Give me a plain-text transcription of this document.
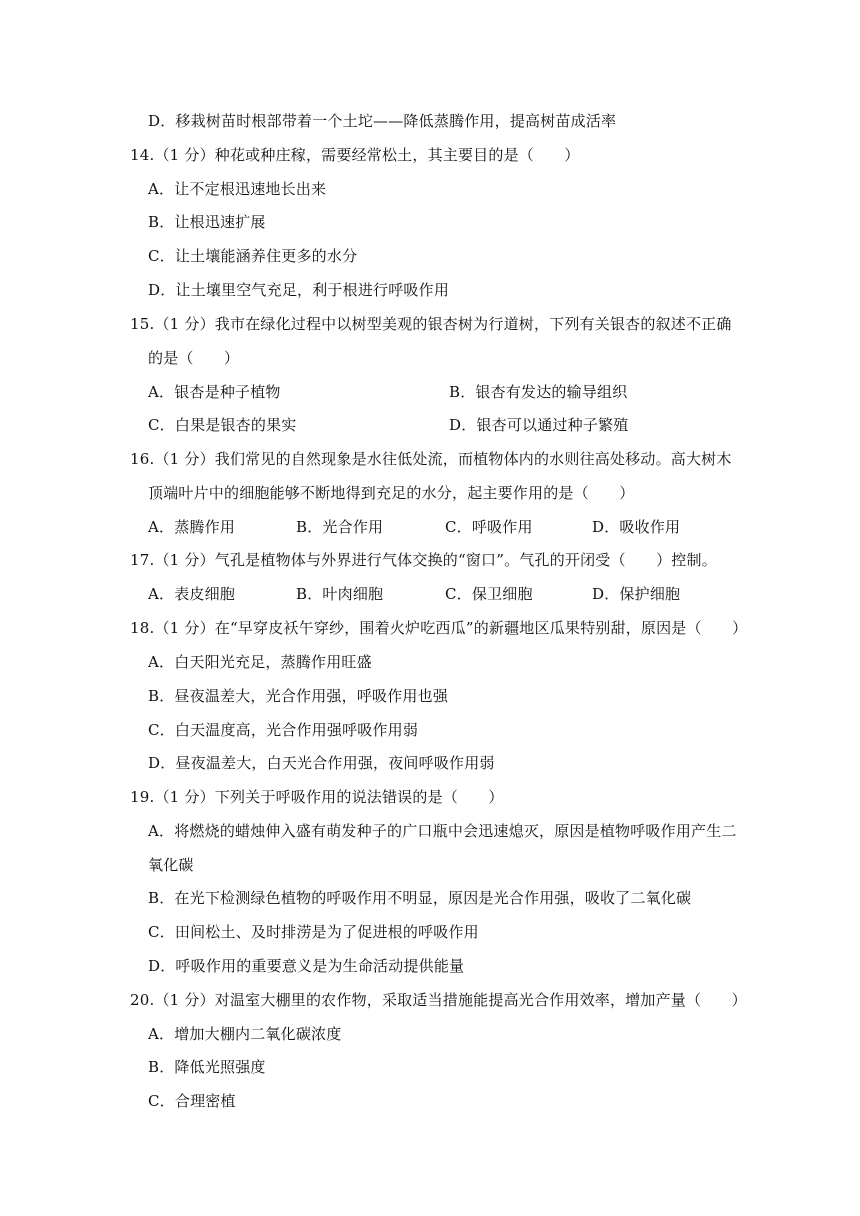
D．移栽树苗时根部带着一个土坨——降低蒸腾作用，提高树苗成活率
14.（1 分）种花或种庄稼，需要经常松土，其主要目的是（　　）
A．让不定根迅速地长出来
B．让根迅速扩展
C．让土壤能涵养住更多的水分
D．让土壤里空气充足，利于根进行呼吸作用
15.（1 分）我市在绿化过程中以树型美观的银杏树为行道树，下列有关银杏的叙述不正确
的是（　　）
A．银杏是种子植物	B．银杏有发达的输导组织
C．白果是银杏的果实	D．银杏可以通过种子繁殖
16.（1 分）我们常见的自然现象是水往低处流，而植物体内的水则往高处移动。高大树木
顶端叶片中的细胞能够不断地得到充足的水分，起主要作用的是（　　）
A．蒸腾作用	B．光合作用	C．呼吸作用	D．吸收作用
17.（1 分）气孔是植物体与外界进行气体交换的“窗口”。气孔的开闭受（　　）控制。
A．表皮细胞	B．叶肉细胞	C．保卫细胞	D．保护细胞
18.（1 分）在“早穿皮袄午穿纱，围着火炉吃西瓜”的新疆地区瓜果特别甜，原因是（　　）
A．白天阳光充足，蒸腾作用旺盛
B．昼夜温差大，光合作用强，呼吸作用也强
C．白天温度高，光合作用强呼吸作用弱
D．昼夜温差大，白天光合作用强，夜间呼吸作用弱
19.（1 分）下列关于呼吸作用的说法错误的是（　　）
A．将燃烧的蜡烛伸入盛有萌发种子的广口瓶中会迅速熄灭，原因是植物呼吸作用产生二
氧化碳
B．在光下检测绿色植物的呼吸作用不明显，原因是光合作用强，吸收了二氧化碳
C．田间松土、及时排涝是为了促进根的呼吸作用
D．呼吸作用的重要意义是为生命活动提供能量
20.（1 分）对温室大棚里的农作物，采取适当措施能提高光合作用效率，增加产量（　　）
A．增加大棚内二氧化碳浓度
B．降低光照强度
C．合理密植
